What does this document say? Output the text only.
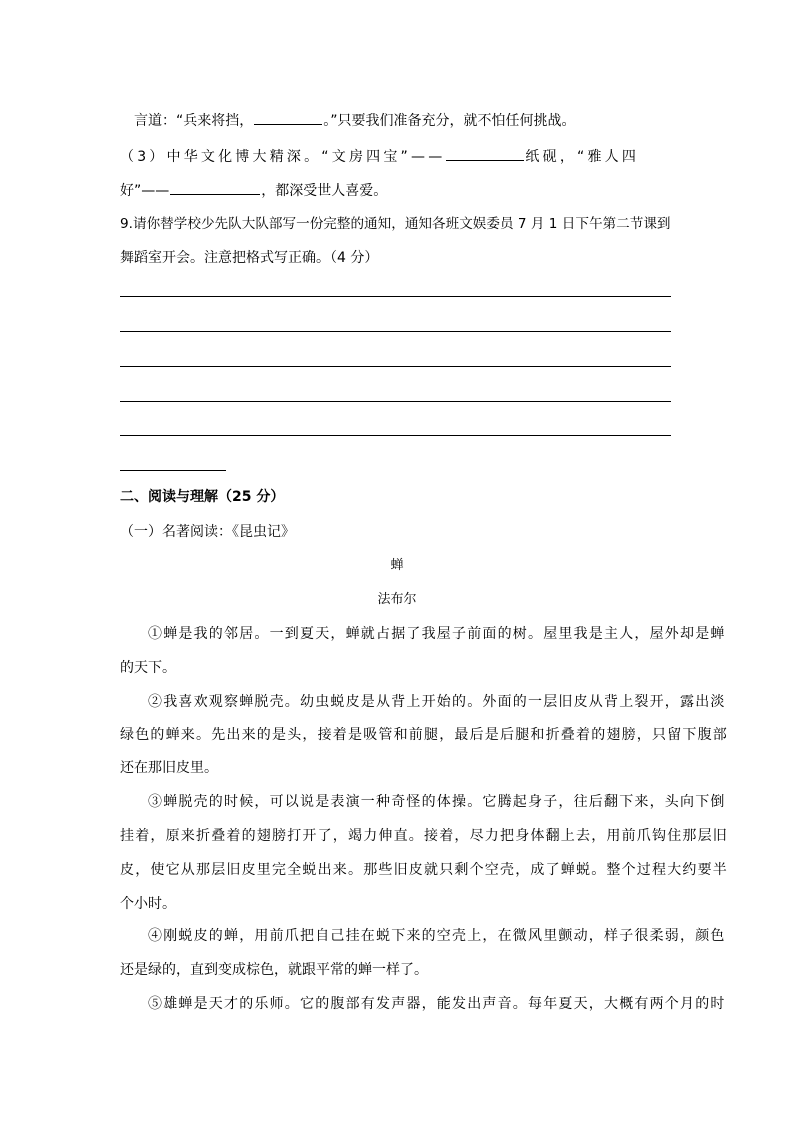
言道：“兵来将挡，	。”只要我们准备充分，就不怕任何挑战。
（3）中华文化博大精深。“文房四宝”——	纸砚，“雅人四
好”——	，都深受世人喜爱。
9.请你替学校少先队大队部写一份完整的通知，通知各班文娱委员 7 月 1 日下午第二节课到
舞蹈室开会。注意把格式写正确。（4 分）
二、阅读与理解（25 分）
（一）名著阅读：《昆虫记》
蝉
法布尔
①蝉是我的邻居。一到夏天，蝉就占据了我屋子前面的树。屋里我是主人，屋外却是蝉
的天下。
②我喜欢观察蝉脱壳。幼虫蜕皮是从背上开始的。外面的一层旧皮从背上裂开，露出淡
绿色的蝉来。先出来的是头，接着是吸管和前腿，最后是后腿和折叠着的翅膀，只留下腹部
还在那旧皮里。
③蝉脱壳的时候，可以说是表演一种奇怪的体操。它腾起身子，往后翻下来，头向下倒
挂着，原来折叠着的翅膀打开了，竭力伸直。接着，尽力把身体翻上去，用前爪钩住那层旧
皮，使它从那层旧皮里完全蜕出来。那些旧皮就只剩个空壳，成了蝉蜕。整个过程大约要半
个小时。
④刚蜕皮的蝉，用前爪把自己挂在蜕下来的空壳上，在微风里颤动，样子很柔弱，颜色
还是绿的，直到变成棕色，就跟平常的蝉一样了。
⑤雄蝉是天才的乐师。它的腹部有发声器，能发出声音。每年夏天，大概有两个月的时
